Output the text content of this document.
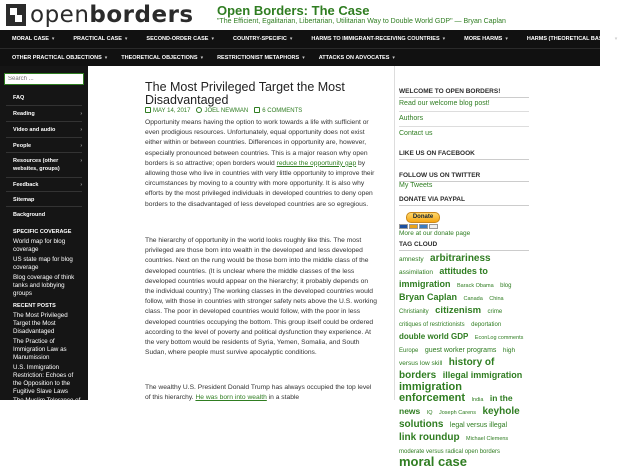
openborders Open Borders: The Case
"The Efficient, Egalitarian, Libertarian, Utilitarian Way to Double World GDP" — Bryan Caplan
MORAL CASE ▾	PRACTICAL CASE ▾	SECOND-ORDER CASE ▾	COUNTRY-SPECIFIC ▾	HARMS TO IMMIGRANT-RECEIVING COUNTRIES ▾	MORE HARMS ▾	HARMS (THEORETICAL BASES) ▾
OTHER PRACTICAL OBJECTIONS ▾	THEORETICAL OBJECTIONS ▾	RESTRICTIONIST METAPHORS ▾	ATTACKS ON ADVOCATES ▾
Search ...
FAQ
Reading	›
Video and audio	›
People	›
Resources (other websites, groups)
›
Feedback	›
Sitemap
Background
SPECIFIC COVERAGE
World map for blog coverage
US state map for blog coverage
Blog coverage of think tanks and lobbying groups
RECENT POSTS
The Most Privileged Target the Most Disadvantaged
The Practice of Immigration Law as Manumission
U.S. Immigration Restriction: Echoes of the Opposition to the Fugitive Slave Laws
The Muslim Tolerance of
The Most Privileged Target the Most Disadvantaged
MAY 14, 2017	JOEL NEWMAN	6 COMMENTS
Opportunity means having the option to work towards a life with sufficient or even prodigious resources. Unfortunately, equal opportunity does not exist either within or between countries. Differences in opportunity are, however, especially pronounced between countries. This is a major reason why open borders is so attractive; open borders would reduce the opportunity gap by allowing those who live in countries with very little opportunity to improve their circumstances by moving to a country with more opportunity. It is also why efforts by the most privileged individuals in developed countries to deny open borders to the disadvantaged of less developed countries are so egregious.
The hierarchy of opportunity in the world looks roughly like this. The most privileged are those born into wealth in the developed and less developed countries. Next on the rung would be those born into the middle class of the developed countries. (It is unclear where the middle classes of the less developed countries would appear on the hierarchy; it probably depends on the individual country.) The working classes in the developed countries would follow, with those in countries with stronger safety nets above the U.S. working class. The poor in developed countries would follow, with the poor in less developed countries occupying the bottom. This group itself could be ordered according to the level of poverty and political dysfunction they experience. At the very bottom would be residents of Syria, Yemen, Somalia, and South Sudan, where people must survive apocalyptic conditions.
The wealthy U.S. President Donald Trump has always occupied the top level of this hierarchy. He was born into wealth in a stable
WELCOME TO OPEN BORDERS!
Read our welcome blog post!
Authors
Contact us
LIKE US ON FACEBOOK
FOLLOW US ON TWITTER
My Tweets
DONATE VIA PAYPAL
Donate
More at our donate page
TAG CLOUD
amnesty arbitrariness assimilation attitudes to immigration Barack Obama blog Bryan Caplan Canada China Christianity citizenism crime critiques of restrictionists deportation double world GDP EconLog comments Europe guest worker programs high versus low skill history of borders illegal immigration immigration enforcement India in the news IQ Joseph Carens keyhole solutions legal versus illegal link roundup Michael Clemens moderate versus radical open borders moral case
